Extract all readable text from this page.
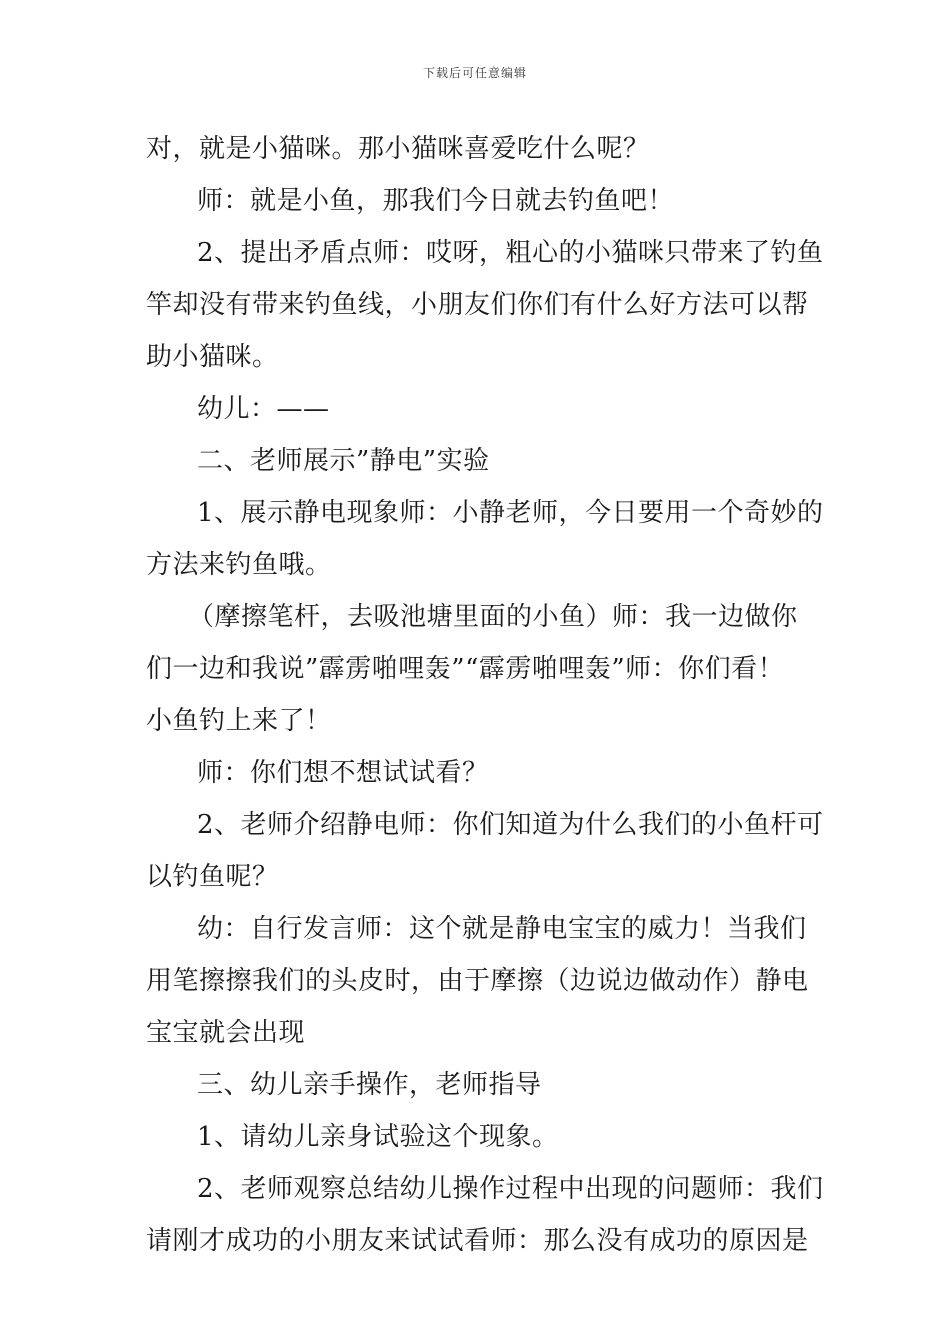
下载后可任意编辑
对，就是小猫咪。那小猫咪喜爱吃什么呢？
师：就是小鱼，那我们今日就去钓鱼吧！
2、提出矛盾点师：哎呀，粗心的小猫咪只带来了钓鱼
竿却没有带来钓鱼线，小朋友们你们有什么好方法可以帮
助小猫咪。
幼儿：——
二、老师展示”静电”实验
1、展示静电现象师：小静老师，今日要用一个奇妙的
方法来钓鱼哦。
（摩擦笔杆，去吸池塘里面的小鱼）师：我一边做你
们一边和我说”霹雳啪哩轰”“霹雳啪哩轰”师：你们看！
小鱼钓上来了！
师：你们想不想试试看？
2、老师介绍静电师：你们知道为什么我们的小鱼杆可
以钓鱼呢？
幼：自行发言师：这个就是静电宝宝的威力！当我们
用笔擦擦我们的头皮时，由于摩擦（边说边做动作）静电
宝宝就会出现
三、幼儿亲手操作，老师指导
1、请幼儿亲身试验这个现象。
2、老师观察总结幼儿操作过程中出现的问题师：我们
请刚才成功的小朋友来试试看师：那么没有成功的原因是
